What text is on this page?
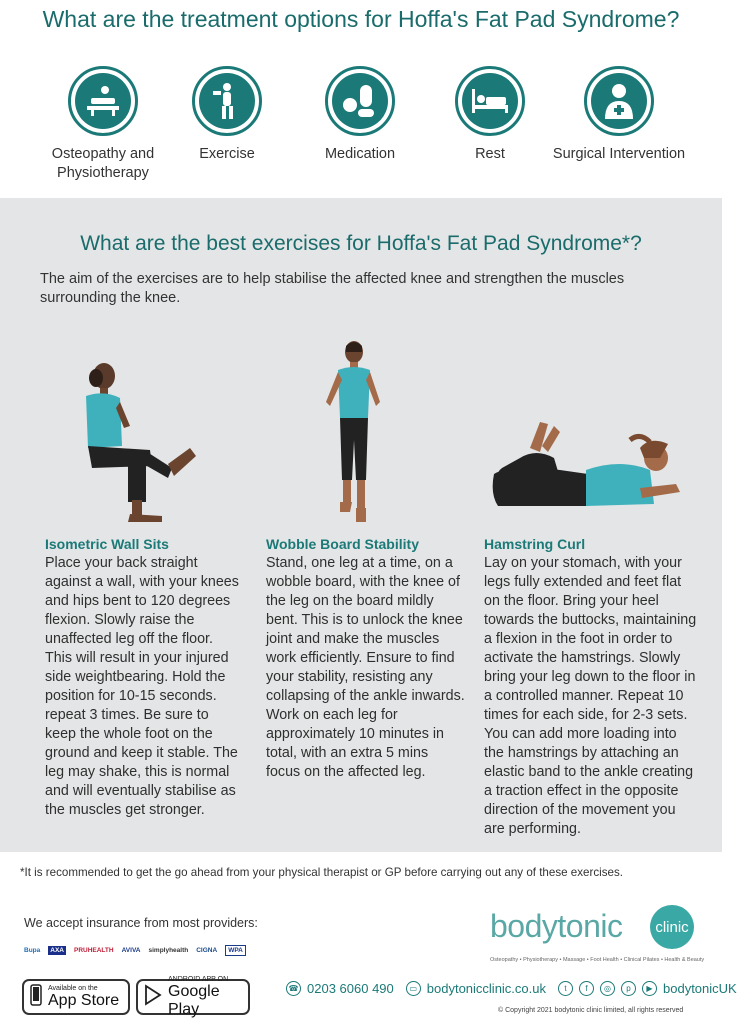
What are the treatment options for Hoffa's Fat Pad Syndrome?
Osteopathy and Physiotherapy
Exercise	Medication	Rest	Surgical Intervention
What are the best exercises for Hoffa's Fat Pad Syndrome*?
The aim of the exercises are to help stabilise the affected knee and strengthen the muscles surrounding the knee.
Isometric Wall Sits
Place your back straight against a wall, with your knees and hips bent to 120 degrees flexion. Slowly raise the unaffected leg off the floor. This will result in your injured side weightbearing. Hold the position for 10-15 seconds. repeat 3 times. Be sure to keep the whole foot on the ground and keep it stable. The leg may shake, this is normal and will eventually stabilise as the muscles get stronger.
Wobble Board Stability
Stand, one leg at a time, on a wobble board, with the knee of the leg on the board mildly bent. This is to unlock the knee joint and make the muscles work efficiently. Ensure to find your stability, resisting any collapsing of the ankle inwards. Work on each leg for approximately 10 minutes in total, with an extra 5 mins focus on the affected leg.
Hamstring Curl
Lay on your stomach, with your legs fully extended and feet flat on the floor. Bring your heel towards the buttocks, maintaining a flexion in the foot in order to activate the hamstrings. Slowly bring your leg down to the floor in a controlled manner. Repeat 10 times for each side, for 2-3 sets. You can add more loading into the hamstrings by attaching an elastic band to the ankle creating a traction effect in the opposite direction of the movement you are performing.
*It is recommended to get the go ahead from your physical therapist or GP before carrying out any of these exercises.
We accept insurance from most providers:
Bupa	AXA	PRUHEALTH AVIVA simplyhealth CIGNA	WPA
bodytonic	clinic
Osteopathy • Physiotherapy • Massage • Foot Health • Clinical Pilates • Health & Beauty
Available on the
App Store
ANDROID APP ON
Google Play
☎ 0203 6060 490	▭ bodytonicclinic.co.uk	t	f	◎	p	▶ bodytonicUK
© Copyright 2021 bodytonic clinic limited, all rights reserved
